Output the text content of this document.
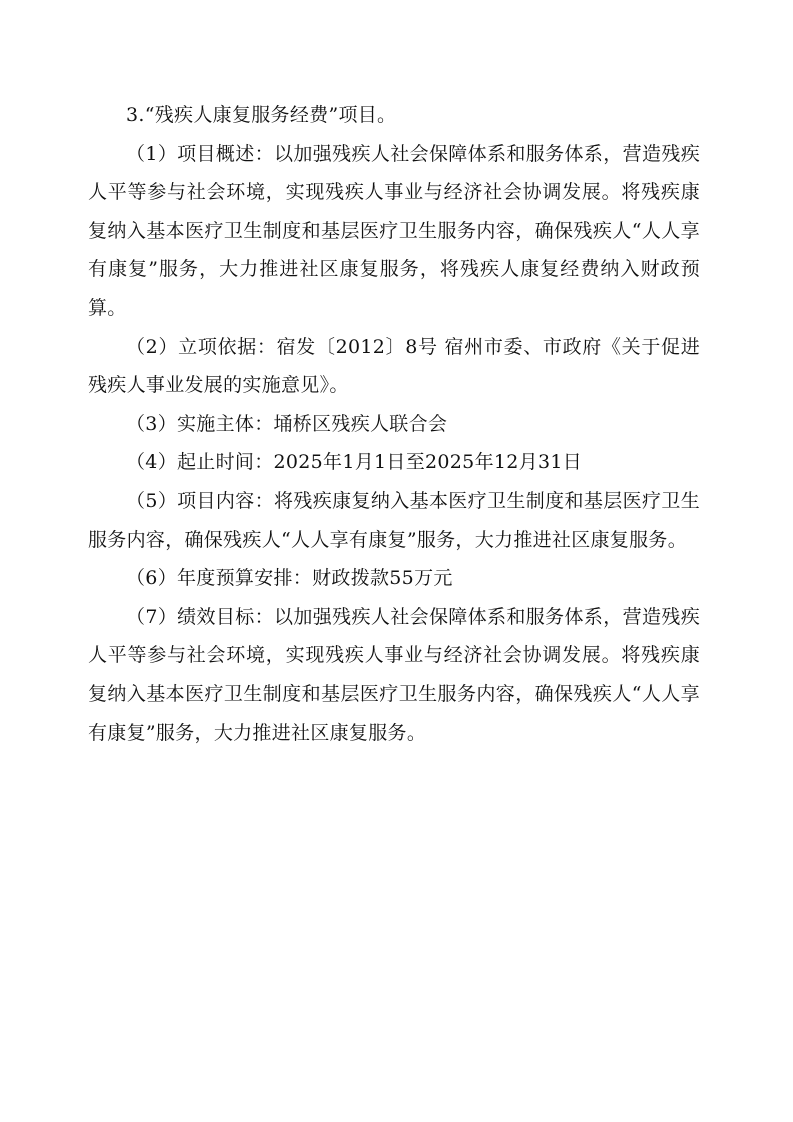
3.“残疾人康复服务经费”项目。

（1）项目概述：以加强残疾人社会保障体系和服务体系，营造残疾人平等参与社会环境，实现残疾人事业与经济社会协调发展。将残疾康复纳入基本医疗卫生制度和基层医疗卫生服务内容，确保残疾人“人人享有康复”服务，大力推进社区康复服务，将残疾人康复经费纳入财政预算。

（2）立项依据：宿发〔2012〕8号 宿州市委、市政府《关于促进残疾人事业发展的实施意见》。

（3）实施主体：埇桥区残疾人联合会

（4）起止时间：2025年1月1日至2025年12月31日

（5）项目内容：将残疾康复纳入基本医疗卫生制度和基层医疗卫生服务内容，确保残疾人“人人享有康复”服务，大力推进社区康复服务。

（6）年度预算安排：财政拨款55万元

（7）绩效目标：以加强残疾人社会保障体系和服务体系，营造残疾人平等参与社会环境，实现残疾人事业与经济社会协调发展。将残疾康复纳入基本医疗卫生制度和基层医疗卫生服务内容，确保残疾人“人人享有康复”服务，大力推进社区康复服务。
